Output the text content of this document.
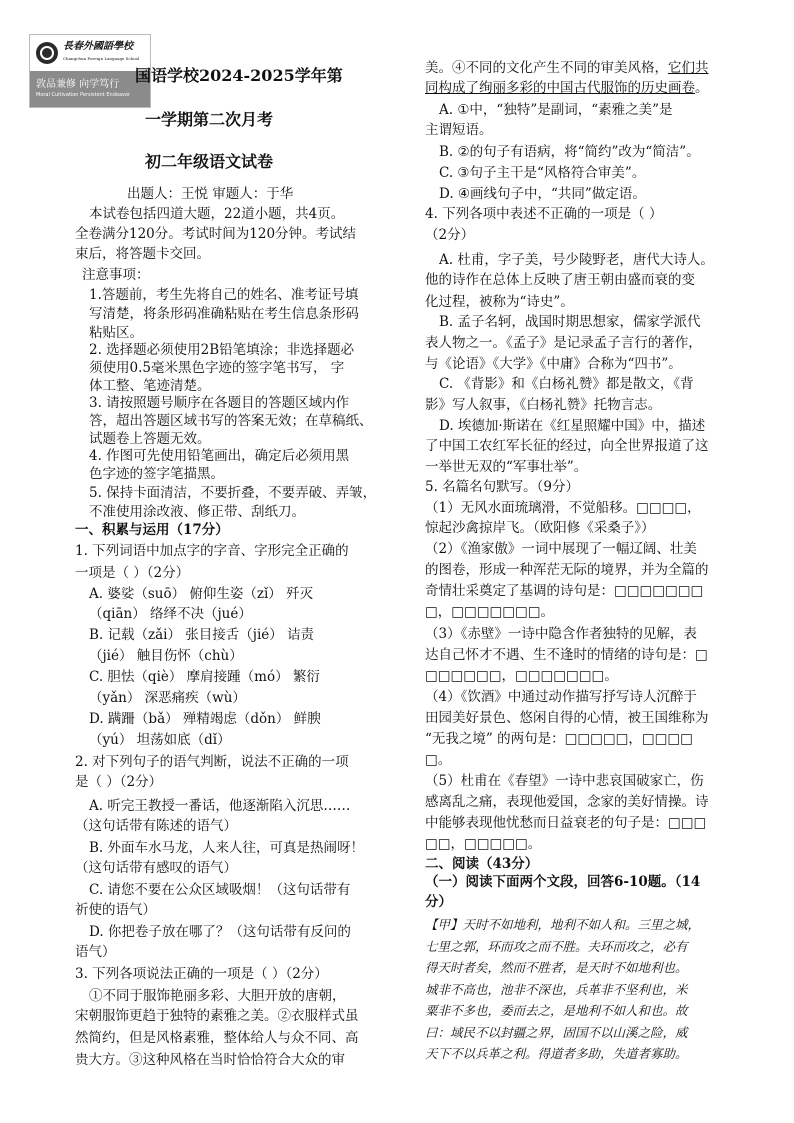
長春外國語學校
Changchun Foreign Language School
敦品兼修 向学笃行
Moral Cultivation Persistent Endeavor
国语学校2024-2025学年第
一学期第二次月考
初二年级语文试卷
出题人：王悦 审题人：于华
本试卷包括四道大题，22道小题，共4页。
全卷满分120分。考试时间为120分钟。考试结
束后，将答题卡交回。
注意事项：
1.答题前，考生先将自己的姓名、准考证号填
写清楚，将条形码准确粘贴在考生信息条形码
粘贴区。
2. 选择题必须使用2B铅笔填涂；非选择题必
须使用0.5毫米黑色字迹的签字笔书写， 字
体工整、笔迹清楚。
3. 请按照题号顺序在各题目的答题区域内作
答，超出答题区域书写的答案无效；在草稿纸、
试题卷上答题无效。
4. 作图可先使用铅笔画出，确定后必须用黑
色字迹的签字笔描黑。
5. 保持卡面清洁，不要折叠，不要弄破、弄皱，
不准使用涂改液、修正带、刮纸刀。
一、积累与运用（17分）
1. 下列词语中加点字的字音、字形完全正确的
一项是（ ）（2分）
A. 婆娑（suō） 俯仰生姿（zǐ） 歼灭
（qiān） 络绎不决（jué）
B. 记载（zǎi） 张目接舌（jié） 诘责
（jié） 触目伤怀（chù）
C. 胆怯（qiè） 摩肩接踵（mó） 繁衍
（yǎn） 深恶痛疾（wù）
D. 蹒跚（bǎ） 殚精竭虑（dǒn） 鲜腴
（yú） 坦荡如底（dǐ）
2. 对下列句子的语气判断，说法不正确的一项
是（ ）（2分）
A. 听完王教授一番话，他逐渐陷入沉思……
（这句话带有陈述的语气）
B. 外面车水马龙，人来人往，可真是热闹呀！
（这句话带有感叹的语气）
C. 请您不要在公众区域吸烟！（这句话带有
祈使的语气）
D. 你把卷子放在哪了？（这句话带有反问的
语气）
3. 下列各项说法正确的一项是（ ）（2分）
①不同于服饰艳丽多彩、大胆开放的唐朝，
宋朝服饰更趋于独特的素雅之美。②衣服样式虽
然简约，但是风格素雅，整体给人与众不同、高
贵大方。③这种风格在当时恰恰符合大众的审
美。④不同的文化产生不同的审美风格，它们共
同构成了绚丽多彩的中国古代服饰的历史画卷。
A. ①中，“独特”是副词，“素雅之美”是
主谓短语。
B. ②的句子有语病，将“简约”改为“简洁”。
C. ③句子主干是“风格符合审美”。
D. ④画线句子中，“共同”做定语。
4. 下列各项中表述不正确的一项是（ ）
（2分）
A. 杜甫，字子美，号少陵野老，唐代大诗人。
他的诗作在总体上反映了唐王朝由盛而衰的变
化过程，被称为“诗史”。
B. 孟子名轲，战国时期思想家，儒家学派代
表人物之一。《孟子》是记录孟子言行的著作，
与《论语》《大学》《中庸》合称为“四书”。
C. 《背影》和《白杨礼赞》都是散文，《背
影》写人叙事，《白杨礼赞》托物言志。
D. 埃德加·斯诺在《红星照耀中国》中，描述
了中国工农红军长征的经过，向全世界报道了这
一举世无双的“军事壮举”。
5. 名篇名句默写。（9分）
（1）无风水面琉璃滑，不觉船移。□□□□，
惊起沙禽掠岸飞。（欧阳修《采桑子》）
（2）《渔家傲》一词中展现了一幅辽阔、壮美
的图卷，形成一种浑茫无际的境界，并为全篇的
奇情壮采奠定了基调的诗句是：□□□□□□□
□，□□□□□□□。
（3）《赤壁》一诗中隐含作者独特的见解，表
达自己怀才不遇、生不逢时的情绪的诗句是：□
□□□□□□，□□□□□□□。
（4）《饮酒》中通过动作描写抒写诗人沉醉于
田园美好景色、悠闲自得的心情，被王国维称为
“无我之境” 的两句是：□□□□□，□□□□
□。
（5）杜甫在《春望》一诗中悲哀国破家亡，伤
感离乱之痛，表现他爱国，念家的美好情操。诗
中能够表现他忧愁而日益衰老的句子是：□□□
□□，□□□□□。
二、阅读（43分）
（一）阅读下面两个文段，回答6-10题。（14
分）
【甲】天时不如地利，地利不如人和。三里之城，
七里之郭，环而攻之而不胜。夫环而攻之，必有
得天时者矣，然而不胜者，是天时不如地利也。
城非不高也，池非不深也，兵革非不坚利也，米
粟非不多也，委而去之，是地利不如人和也。故
曰：域民不以封疆之界，固国不以山溪之险，威
天下不以兵革之利。得道者多助，失道者寡助。
